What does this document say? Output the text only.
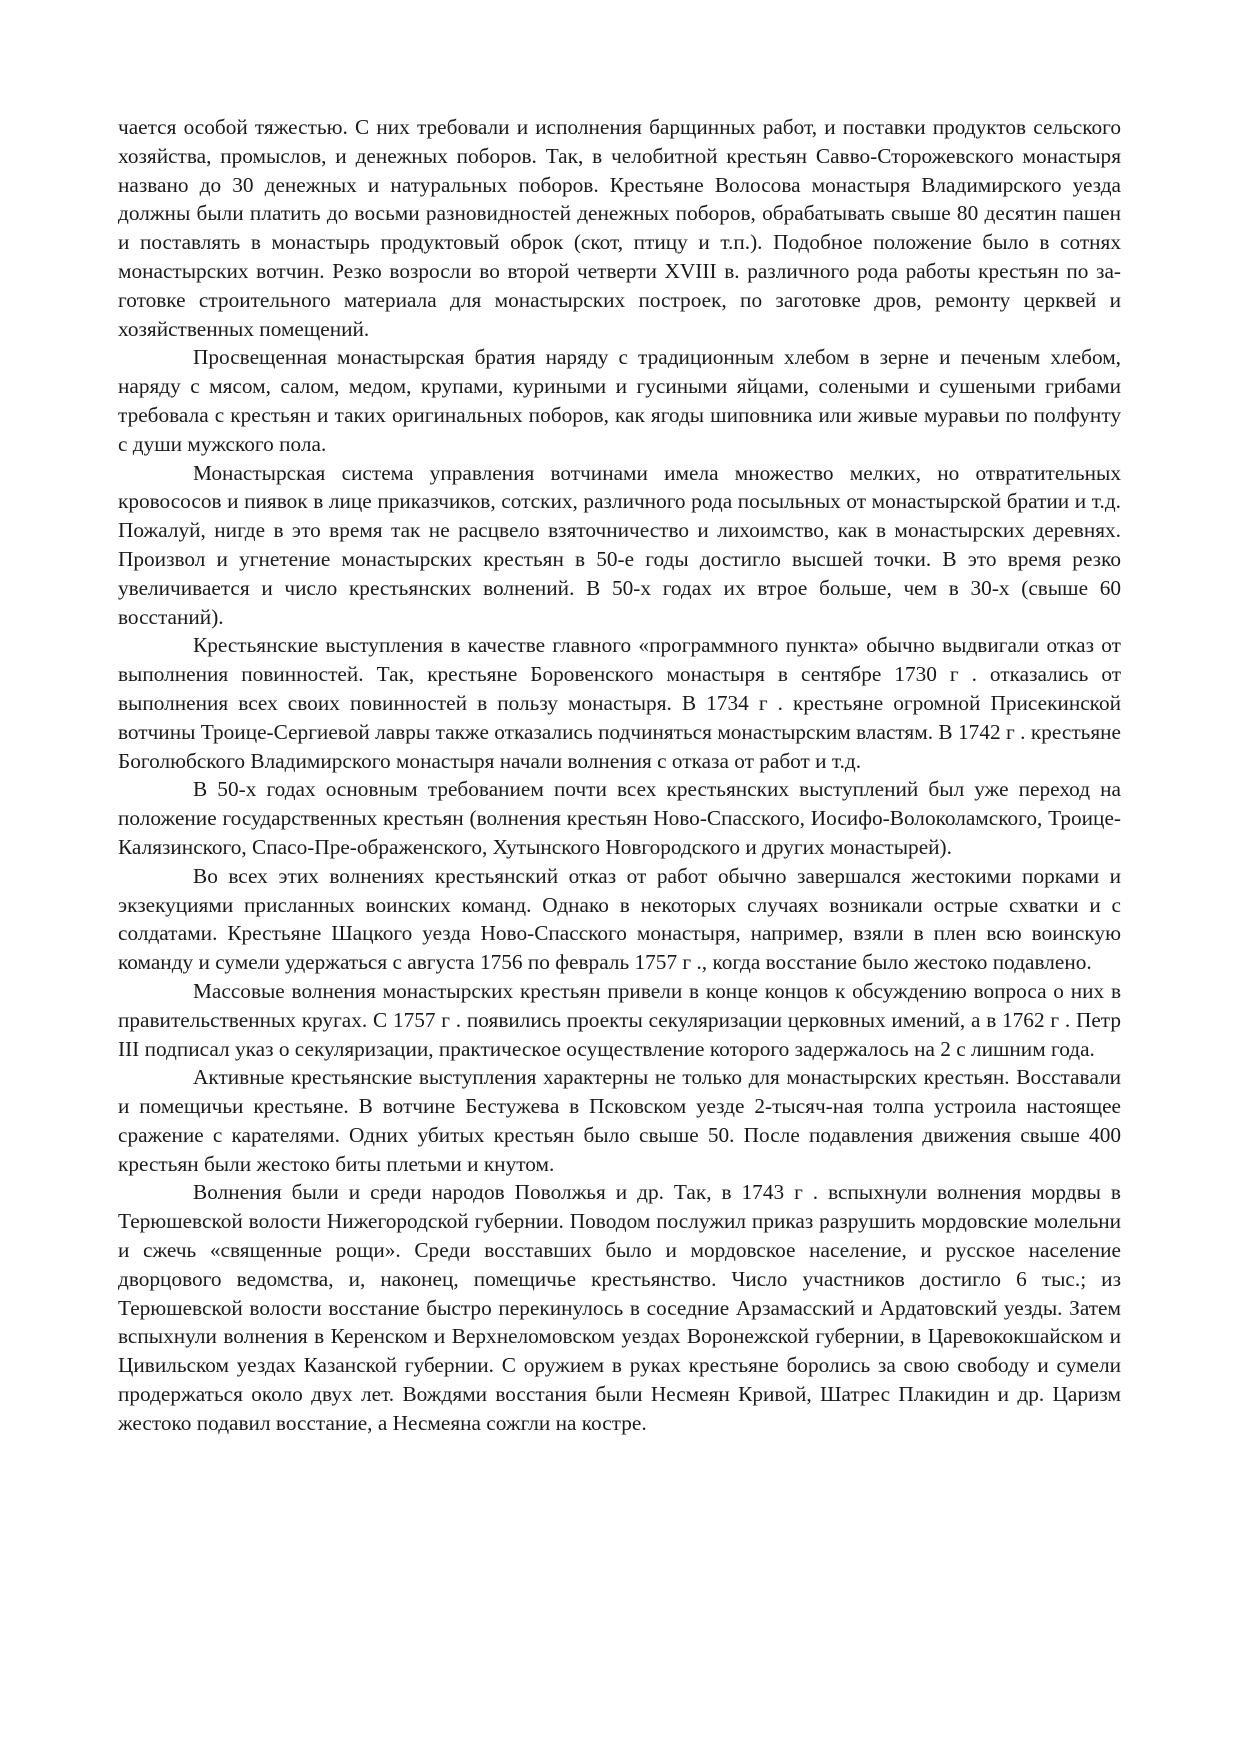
чается особой тяжестью. С них требовали и исполнения барщинных работ, и поставки продуктов сельского хозяйства, промыслов, и денежных поборов. Так, в челобитной крестьян Савво-Сторожевского монастыря названо до 30 денежных и натуральных поборов. Крестьяне Волосова монастыря Владимирского уезда должны были платить до восьми разновидностей денежных поборов, обрабатывать свыше 80 десятин пашен и поставлять в монастырь продуктовый оброк (скот, птицу и т.п.). Подобное положение было в сотнях монастырских вотчин. Резко возросли во второй четверти XVIII в. различного рода работы крестьян по заготовке строительного материала для монастырских построек, по заготовке дров, ремонту церквей и хозяйственных помещений.

Просвещенная монастырская братия наряду с традиционным хлебом в зерне и печеным хлебом, наряду с мясом, салом, медом, крупами, куриными и гусиными яйцами, солеными и сушеными грибами требовала с крестьян и таких оригинальных поборов, как ягоды шиповника или живые муравьи по полфунту с души мужского пола.

Монастырская система управления вотчинами имела множество мелких, но отвратительных кровососов и пиявок в лице приказчиков, сотских, различного рода посыльных от монастырской братии и т.д. Пожалуй, нигде в это время так не расцвело взяточничество и лихоимство, как в монастырских деревнях. Произвол и угнетение монастырских крестьян в 50-е годы достигло высшей точки. В это время резко увеличивается и число крестьянских волнений. В 50-х годах их втрое больше, чем в 30-х (свыше 60 восстаний).

Крестьянские выступления в качестве главного «программного пункта» обычно выдвигали отказ от выполнения повинностей. Так, крестьяне Боровенского монастыря в сентябре 1730 г . отказались от выполнения всех своих повинностей в пользу монастыря. В 1734 г . крестьяне огромной Присекинской вотчины Троице-Сергиевой лавры также отказались подчиняться монастырским властям. В 1742 г . крестьяне Боголюбского Владимирского монастыря начали волнения с отказа от работ и т.д.

В 50-х годах основным требованием почти всех крестьянских выступлений был уже переход на положение государственных крестьян (волнения крестьян Ново-Спасского, Иосифо-Волоколамского, Троице-Калязинского, Спасо-Пре-ображенского, Хутынского Новгородского и других монастырей).

Во всех этих волнениях крестьянский отказ от работ обычно завершался жестокими порками и экзекуциями присланных воинских команд. Однако в некоторых случаях возникали острые схватки и с солдатами. Крестьяне Шацкого уезда Ново-Спасского монастыря, например, взяли в плен всю воинскую команду и сумели удержаться с августа 1756 по февраль 1757 г ., когда восстание было жестоко подавлено.

Массовые волнения монастырских крестьян привели в конце концов к обсуждению вопроса о них в правительственных кругах. С 1757 г . появились проекты секуляризации церковных имений, а в 1762 г . Петр III подписал указ о секуляризации, практическое осуществление которого задержалось на 2 с лишним года.

Активные крестьянские выступления характерны не только для монастырских крестьян. Восставали и помещичьи крестьяне. В вотчине Бестужева в Псковском уезде 2-тысяч-ная толпа устроила настоящее сражение с карателями. Одних убитых крестьян было свыше 50. После подавления движения свыше 400 крестьян были жестоко биты плетьми и кнутом.

Волнения были и среди народов Поволжья и др. Так, в 1743 г . вспыхнули волнения мордвы в Терюшевской волости Нижегородской губернии. Поводом послужил приказ разрушить мордовские молельни и сжечь «священные рощи». Среди восставших было и мордовское население, и русское население дворцового ведомства, и, наконец, помещичье крестьянство. Число участников достигло 6 тыс.; из Терюшевской волости восстание быстро перекинулось в соседние Арзамасский и Ардатовский уезды. Затем вспыхнули волнения в Керенском и Верхнеломовском уездах Воронежской губернии, в Царевококшайском и Цивильском уездах Казанской губернии. С оружием в руках крестьяне боролись за свою свободу и сумели продержаться около двух лет. Вождями восстания были Несмеян Кривой, Шатрес Плакидин и др. Царизм жестоко подавил восстание, а Несмеяна сожгли на костре.
